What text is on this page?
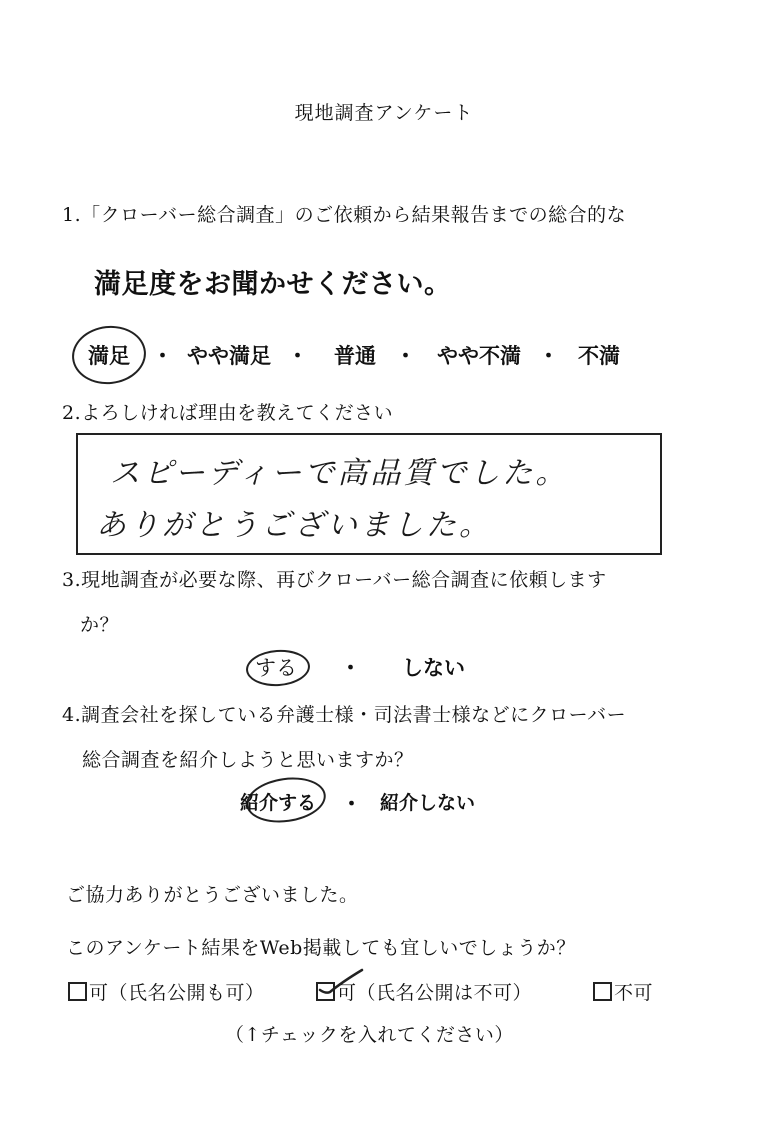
現地調査アンケート
1.「クローバー総合調査」のご依頼から結果報告までの総合的な
満足度をお聞かせください。
満足 ・ やや満足 ・ 普通 ・ やや不満 ・ 不満
2.よろしければ理由を教えてください
スピーディーで高品質でした。
ありがとうございました。
3.現地調査が必要な際、再びクローバー総合調査に依頼します
か？
する ・ しない
4.調査会社を探している弁護士様・司法書士様などにクローバー
総合調査を紹介しようと思いますか？
紹介する ・ 紹介しない
ご協力ありがとうございました。
このアンケート結果をWeb掲載しても宜しいでしょうか？
可（氏名公開も可）	可（氏名公開は不可）	不可
（↑チェックを入れてください）
